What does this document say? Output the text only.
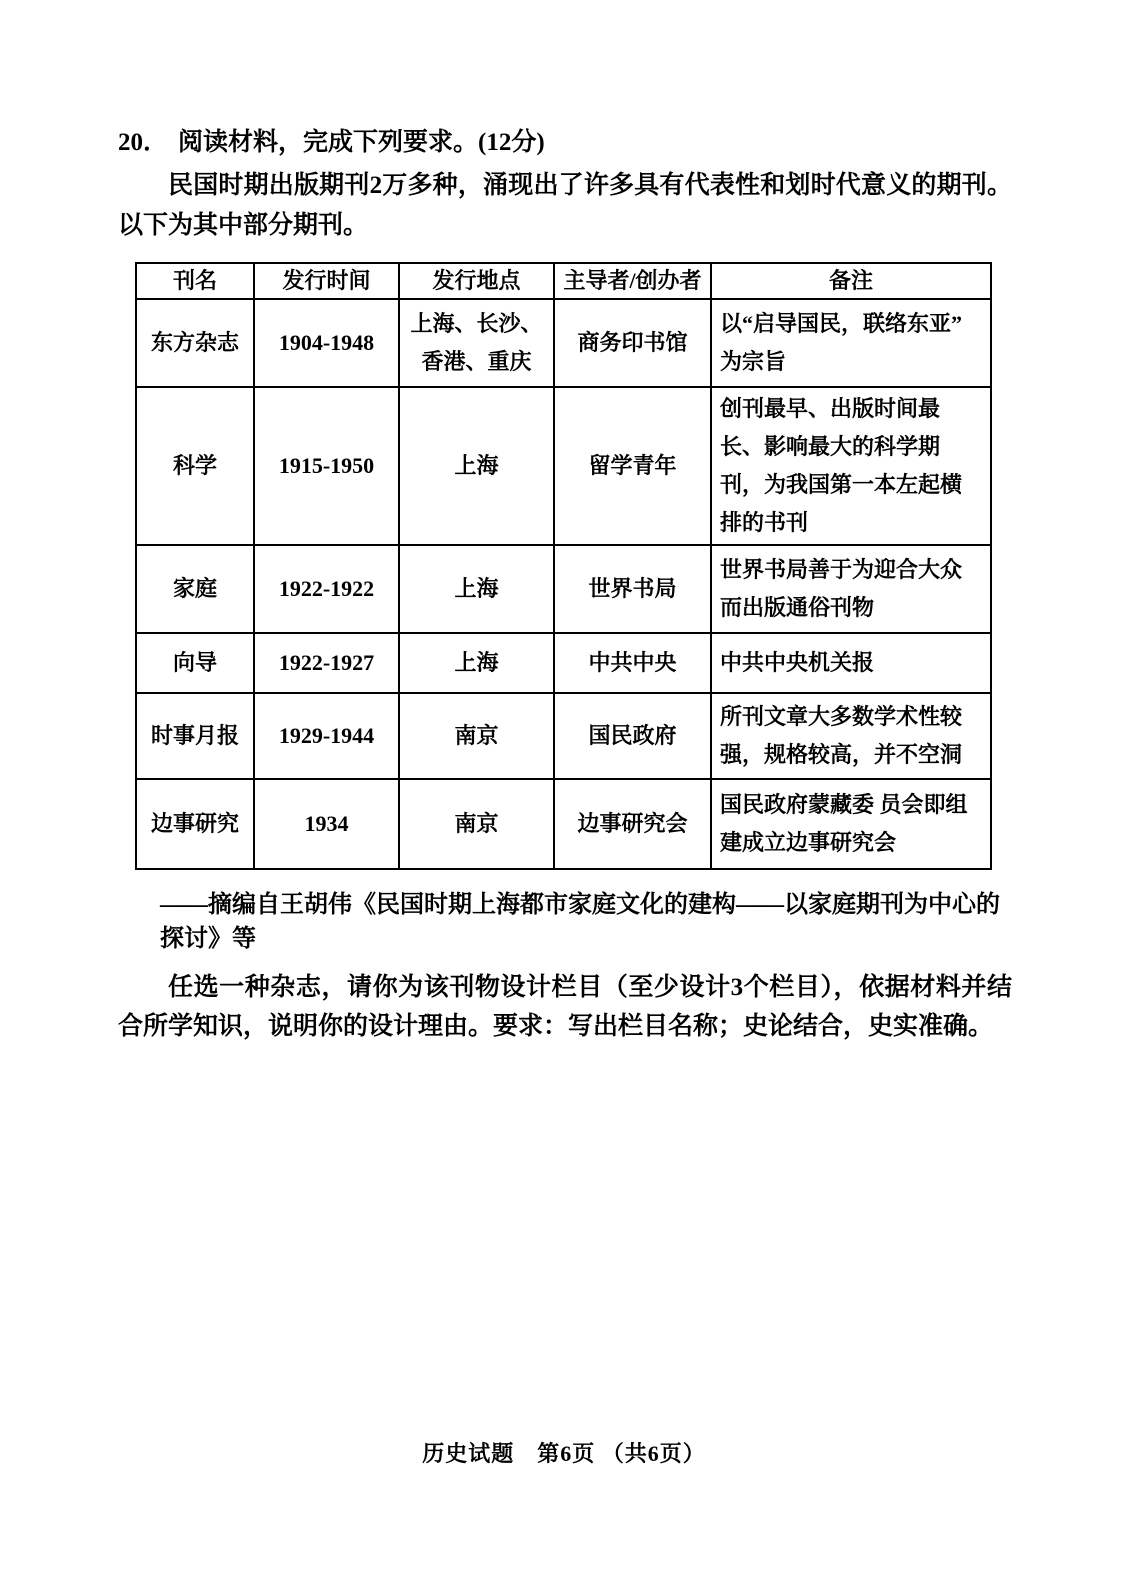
20． 阅读材料，完成下列要求。(12分)

民国时期出版期刊2万多种，涌现出了许多具有代表性和划时代意义的期刊。以下为其中部分期刊。

刊名	发行时间	发行地点	主导者/创办者	备注
东方杂志	1904-1948	上海、长沙、香港、重庆	商务印书馆	以“启导国民，联络东亚”为宗旨
科学	1915-1950	上海	留学青年	创刊最早、出版时间最长、影响最大的科学期刊，为我国第一本左起横排的书刊
家庭	1922-1922	上海	世界书局	世界书局善于为迎合大众而出版通俗刊物
向导	1922-1927	上海	中共中央	中共中央机关报
时事月报	1929-1944	南京	国民政府	所刊文章大多数学术性较强，规格较高，并不空洞
边事研究	1934	南京	边事研究会	国民政府蒙藏委 员会即组建成立边事研究会
——摘编自王胡伟《民国时期上海都市家庭文化的建构——以家庭期刊为中心的探讨》等

任选一种杂志，请你为该刊物设计栏目（至少设计3个栏目），依据材料并结合所学知识，说明你的设计理由。要求：写出栏目名称；史论结合，史实准确。

历史试题　第6页 （共6页）
